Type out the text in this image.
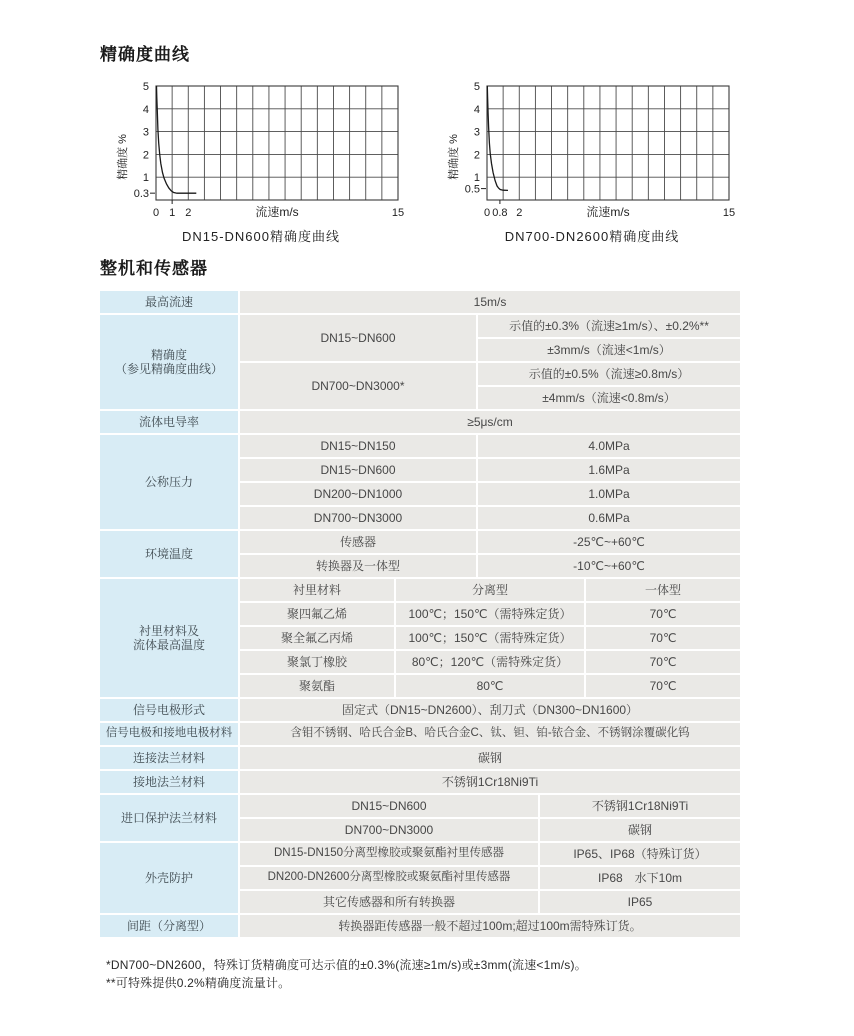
精确度曲线
5
4
3
2
1
0.3
0 1 2	15
流速m/s
精确度 %
DN15-DN600精确度曲线
5
4
3
2
1
0.5
0 0.8 2	15
流速m/s
精确度 %
DN700-DN2600精确度曲线
整机和传感器
最高流速	15m/s				
精确度
（参见精确度曲线）	DN15~DN600		示值的±0.3%（流速≥1m/s）、±0.2%**		
			±3mm/s（流速<1m/s）		
	DN700~DN3000*		示值的±0.5%（流速≥0.8m/s）		
			±4mm/s（流速<0.8m/s）		
流体电导率	≥5μs/cm				
公称压力	DN15~DN150		4.0MPa		
	DN15~DN600		1.6MPa		
	DN200~DN1000		1.0MPa		
	DN700~DN3000		0.6MPa		
环境温度	传感器		-25℃~+60℃		
	转换器及一体型		-10℃~+60℃		
衬里材料及
流体最高温度	衬里材料	分离型			一体型
	聚四氟乙烯	100℃；150℃（需特殊定货）			70℃
	聚全氟乙丙烯	100℃；150℃（需特殊定货）			70℃
	聚氯丁橡胶	80℃；120℃（需特殊定货）			70℃
	聚氨酯	80℃			70℃
信号电极形式	固定式（DN15~DN2600）、刮刀式（DN300~DN1600）				
信号电极和接地电极材料	含钼不锈钢、哈氏合金B、哈氏合金C、钛、钽、铂-铱合金、不锈钢涂覆碳化钨				
连接法兰材料	碳钢				
接地法兰材料	不锈钢1Cr18Ni9Ti				
进口保护法兰材料	DN15~DN600			不锈钢1Cr18Ni9Ti	
	DN700~DN3000			碳钢	
外壳防护	DN15-DN150分离型橡胶或聚氨酯衬里传感器			IP65、IP68（特殊订货）	
	DN200-DN2600分离型橡胶或聚氨酯衬里传感器			IP68　水下10m	
	其它传感器和所有转换器			IP65	
间距（分离型）	转换器距传感器一般不超过100m;超过100m需特殊订货。				
*DN700~DN2600，特殊订货精确度可达示值的±0.3%(流速≥1m/s)或±3mm(流速<1m/s)。
**可特殊提供0.2%精确度流量计。
